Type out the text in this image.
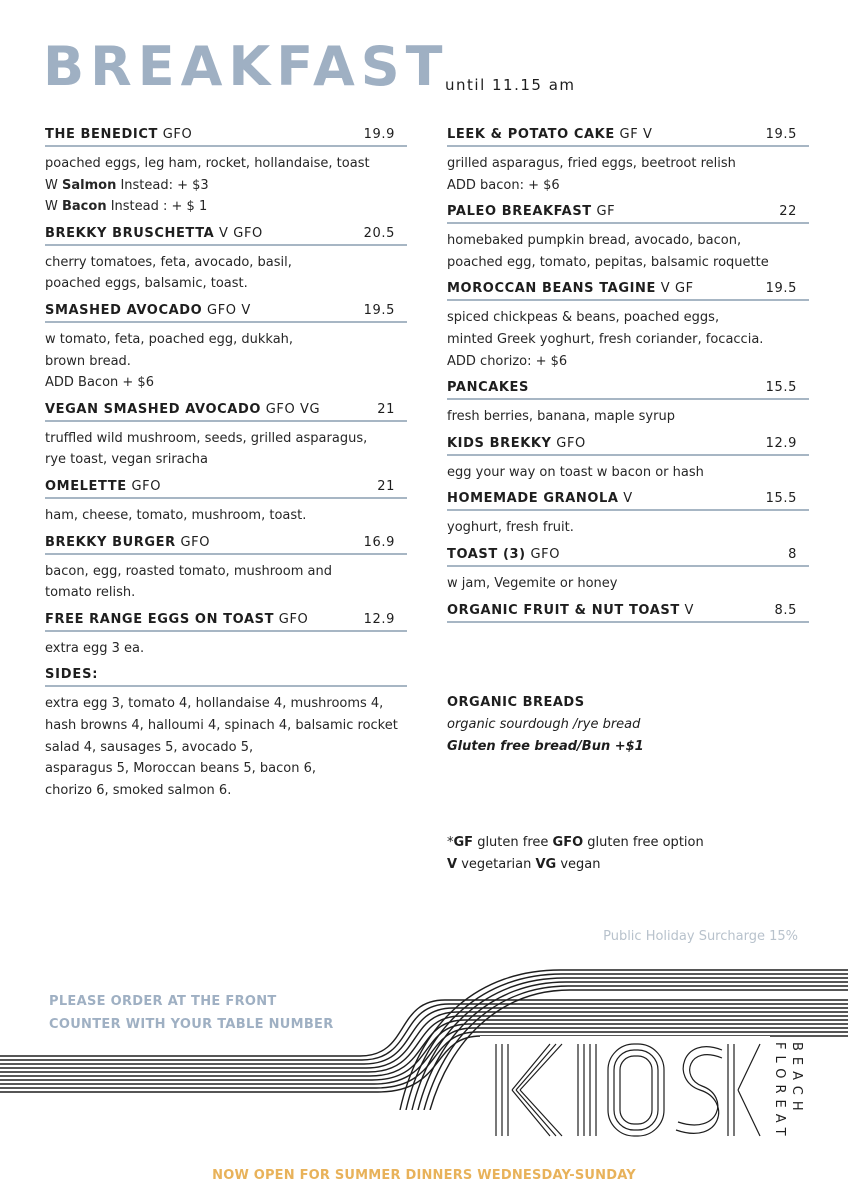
BREAKFAST
until 11.15 am
THE BENEDICT GFO	19.9
poached eggs, leg ham, rocket, hollandaise, toast
W Salmon Instead: + $3
W Bacon Instead : + $ 1
BREKKY BRUSCHETTA V GFO	20.5
cherry tomatoes, feta, avocado, basil,
poached eggs, balsamic, toast.
SMASHED AVOCADO GFO V	19.5
w tomato, feta, poached egg, dukkah,
brown bread.
ADD Bacon + $6
VEGAN SMASHED AVOCADO GFO VG	21
truffled wild mushroom, seeds, grilled asparagus,
rye toast, vegan sriracha
OMELETTE GFO	21
ham, cheese, tomato, mushroom, toast.
BREKKY BURGER GFO	16.9
bacon, egg, roasted tomato, mushroom and
tomato relish.
FREE RANGE EGGS ON TOAST GFO	12.9
extra egg 3 ea.
SIDES:
extra egg 3, tomato 4, hollandaise 4, mushrooms 4,
hash browns 4, halloumi 4, spinach 4, balsamic rocket
salad 4, sausages 5, avocado 5,
asparagus 5, Moroccan beans 5, bacon 6,
chorizo 6, smoked salmon 6.
LEEK & POTATO CAKE GF V	19.5
grilled asparagus, fried eggs, beetroot relish
ADD bacon: + $6
PALEO BREAKFAST GF	22
homebaked pumpkin bread, avocado, bacon,
poached egg, tomato, pepitas, balsamic roquette
MOROCCAN BEANS TAGINE V GF	19.5
spiced chickpeas & beans, poached eggs,
minted Greek yoghurt, fresh coriander, focaccia.
ADD chorizo: + $6
PANCAKES	15.5
fresh berries, banana, maple syrup
KIDS BREKKY GFO	12.9
egg your way on toast w bacon or hash
HOMEMADE GRANOLA V	15.5
yoghurt, fresh fruit.
TOAST (3) GFO	8
w jam, Vegemite or honey
ORGANIC FRUIT & NUT TOAST V	8.5
ORGANIC BREADS
organic sourdough /rye bread
Gluten free bread/Bun +$1
*GF gluten free GFO gluten free option
V vegetarian VG vegan
Public Holiday Surcharge 15%
FLOREAT BEACH
PLEASE ORDER AT THE FRONT
COUNTER WITH YOUR TABLE NUMBER
NOW OPEN FOR SUMMER DINNERS WEDNESDAY-SUNDAY
